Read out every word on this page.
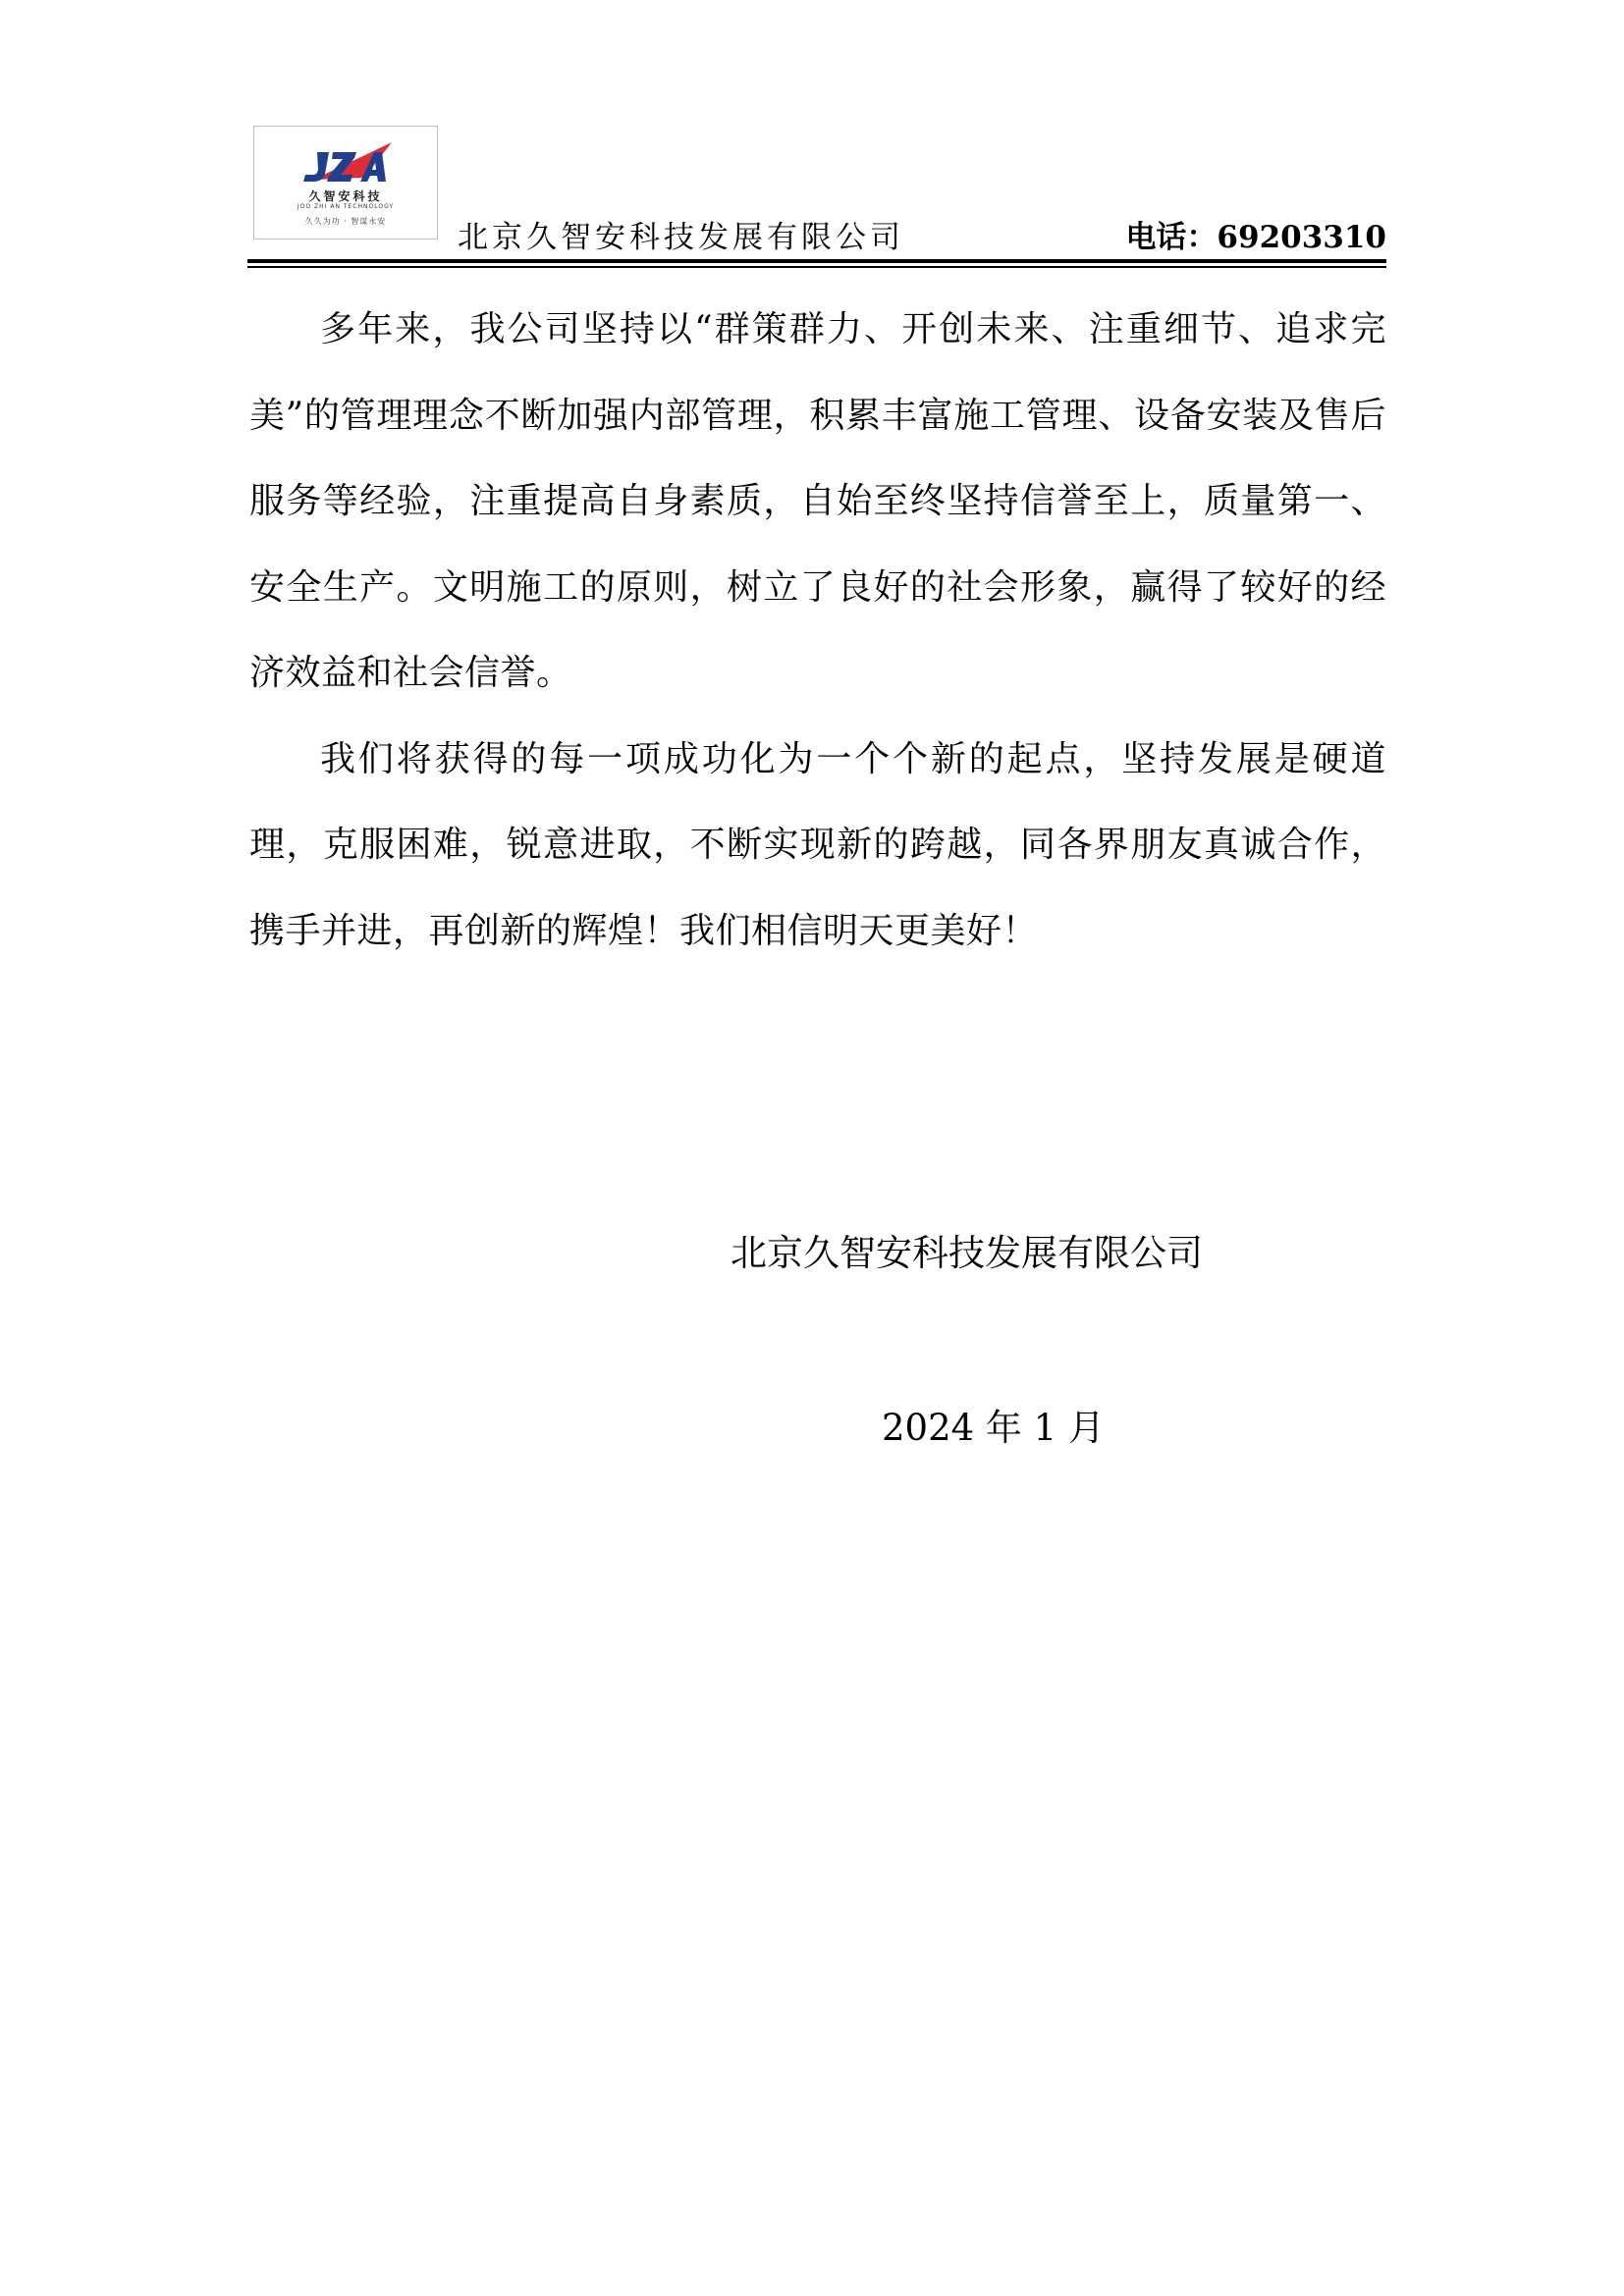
久智安科技
JOO ZHI AN TECHNOLOGY
久久为功 · 智谋永安	北京久智安科技发展有限公司	电话：69203310

多年来，我公司坚持以“群策群力、开创未来、注重细节、追求完美”的管理理念不断加强内部管理，积累丰富施工管理、设备安装及售后服务等经验，注重提高自身素质，自始至终坚持信誉至上，质量第一、安全生产。文明施工的原则，树立了良好的社会形象，赢得了较好的经济效益和社会信誉。

我们将获得的每一项成功化为一个个新的起点，坚持发展是硬道理，克服困难，锐意进取，不断实现新的跨越，同各界朋友真诚合作，携手并进，再创新的辉煌！我们相信明天更美好！

北京久智安科技发展有限公司
2024 年 1 月
